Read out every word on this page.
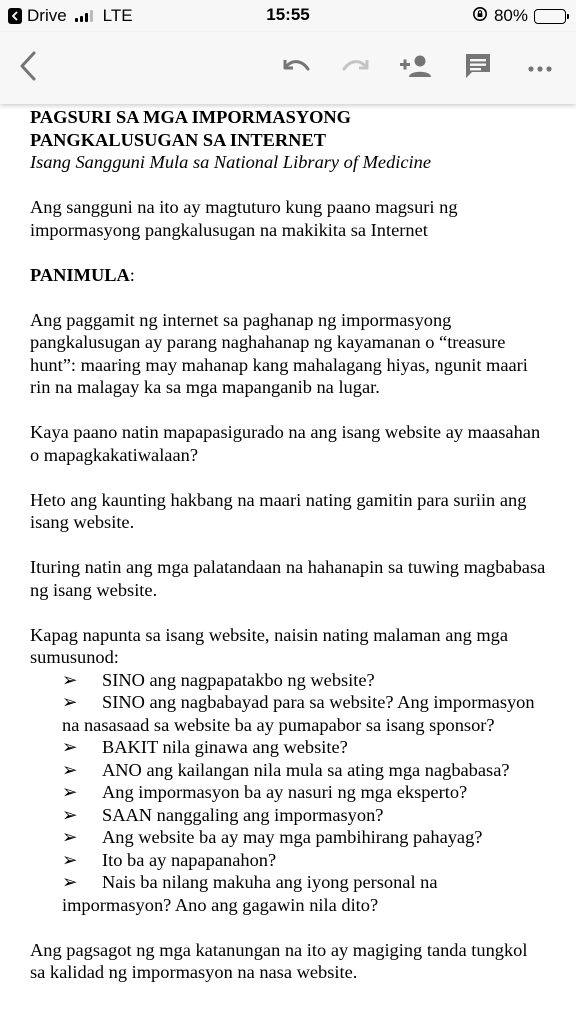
Drive LTE	15:55	80%

PAGSURI SA MGA IMPORMASYONG

PANGKALUSUGAN SA INTERNET

Isang Sangguni Mula sa National Library of Medicine

Ang sangguni na ito ay magtuturo kung paano magsuri ng impormasyong pangkalusugan na makikita sa Internet

PANIMULA:

Ang paggamit ng internet sa paghanap ng impormasyong pangkalusugan ay parang naghahanap ng kayamanan o “treasure hunt”: maaring may mahanap kang mahalagang hiyas, ngunit maari rin na malagay ka sa mga mapanganib na lugar.

Kaya paano natin mapapasigurado na ang isang website ay maasahan o mapagkakatiwalaan?

Heto ang kaunting hakbang na maari nating gamitin para suriin ang isang website.

Ituring natin ang mga palatandaan na hahanapin sa tuwing magbabasa ng isang website.

Kapag napunta sa isang website, naisin nating malaman ang mga sumusunod:

➢ SINO ang nagpapatakbo ng website?
➢ SINO ang nagbabayad para sa website? Ang impormasyon na nasasaad sa website ba ay pumapabor sa isang sponsor?
➢ BAKIT nila ginawa ang website?
➢ ANO ang kailangan nila mula sa ating mga nagbabasa?
➢ Ang impormasyon ba ay nasuri ng mga eksperto?
➢ SAAN nanggaling ang impormasyon?
➢ Ang website ba ay may mga pambihirang pahayag?
➢ Ito ba ay napapanahon?
➢ Nais ba nilang makuha ang iyong personal na impormasyon? Ano ang gagawin nila dito?

Ang pagsagot ng mga katanungan na ito ay magiging tanda tungkol sa kalidad ng impormasyon na nasa website.
